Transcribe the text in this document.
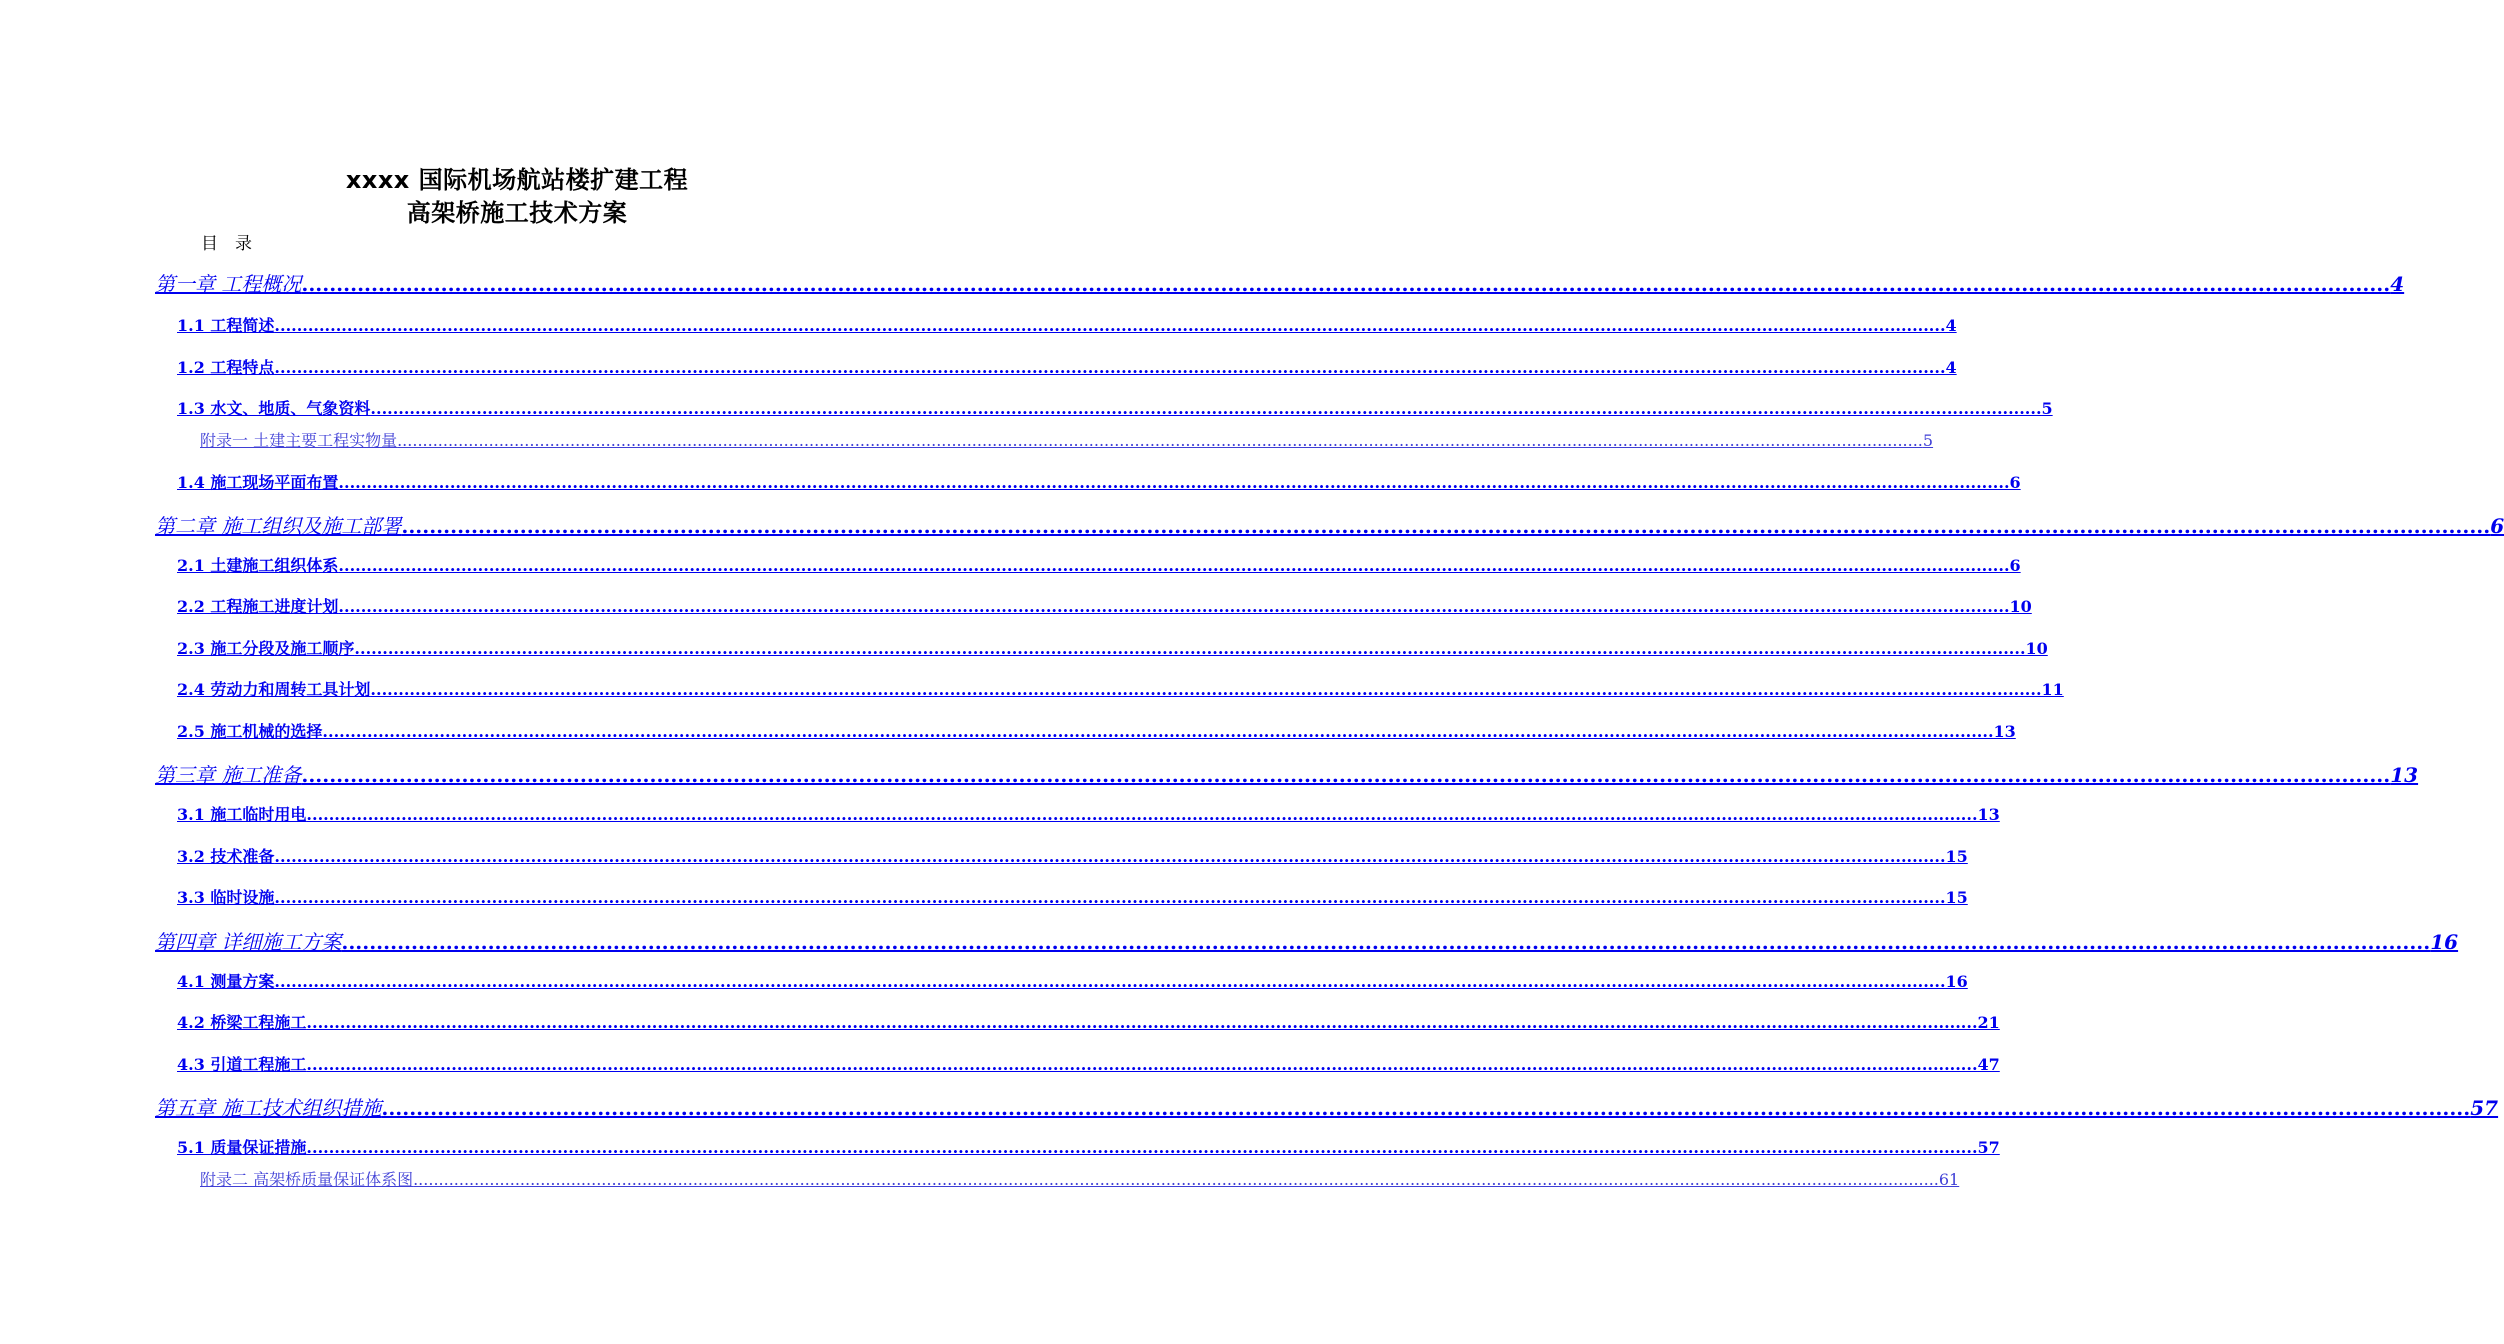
xxxx 国际机场航站楼扩建工程
高架桥施工技术方案
目　录
第一章 工程概况 ............................................................................................................................................................................................................................................................................................................ 4
1.1 工程简述 ............................................................................................................................................................................................................................................................................................................ 4
1.2 工程特点 ............................................................................................................................................................................................................................................................................................................ 4
1.3 水文、地质、气象资料 ............................................................................................................................................................................................................................................................................................................ 5
附录一 土建主要工程实物量 ............................................................................................................................................................................................................................................................................................................ 5
1.4 施工现场平面布置 ............................................................................................................................................................................................................................................................................................................ 6
第二章 施工组织及施工部署 ............................................................................................................................................................................................................................................................................................................ 6
2.1 土建施工组织体系 ............................................................................................................................................................................................................................................................................................................ 6
2.2 工程施工进度计划 ............................................................................................................................................................................................................................................................................................................ 10
2.3 施工分段及施工顺序 ............................................................................................................................................................................................................................................................................................................ 10
2.4 劳动力和周转工具计划 ............................................................................................................................................................................................................................................................................................................ 11
2.5 施工机械的选择 ............................................................................................................................................................................................................................................................................................................ 13
第三章 施工准备 ............................................................................................................................................................................................................................................................................................................ 13
3.1 施工临时用电 ............................................................................................................................................................................................................................................................................................................ 13
3.2 技术准备 ............................................................................................................................................................................................................................................................................................................ 15
3.3 临时设施 ............................................................................................................................................................................................................................................................................................................ 15
第四章 详细施工方案 ............................................................................................................................................................................................................................................................................................................ 16
4.1 测量方案 ............................................................................................................................................................................................................................................................................................................ 16
4.2 桥梁工程施工 ............................................................................................................................................................................................................................................................................................................ 21
4.3 引道工程施工 ............................................................................................................................................................................................................................................................................................................ 47
第五章 施工技术组织措施 ............................................................................................................................................................................................................................................................................................................ 57
5.1 质量保证措施 ............................................................................................................................................................................................................................................................................................................ 57
附录二 高架桥质量保证体系图 ............................................................................................................................................................................................................................................................................................................ 61
